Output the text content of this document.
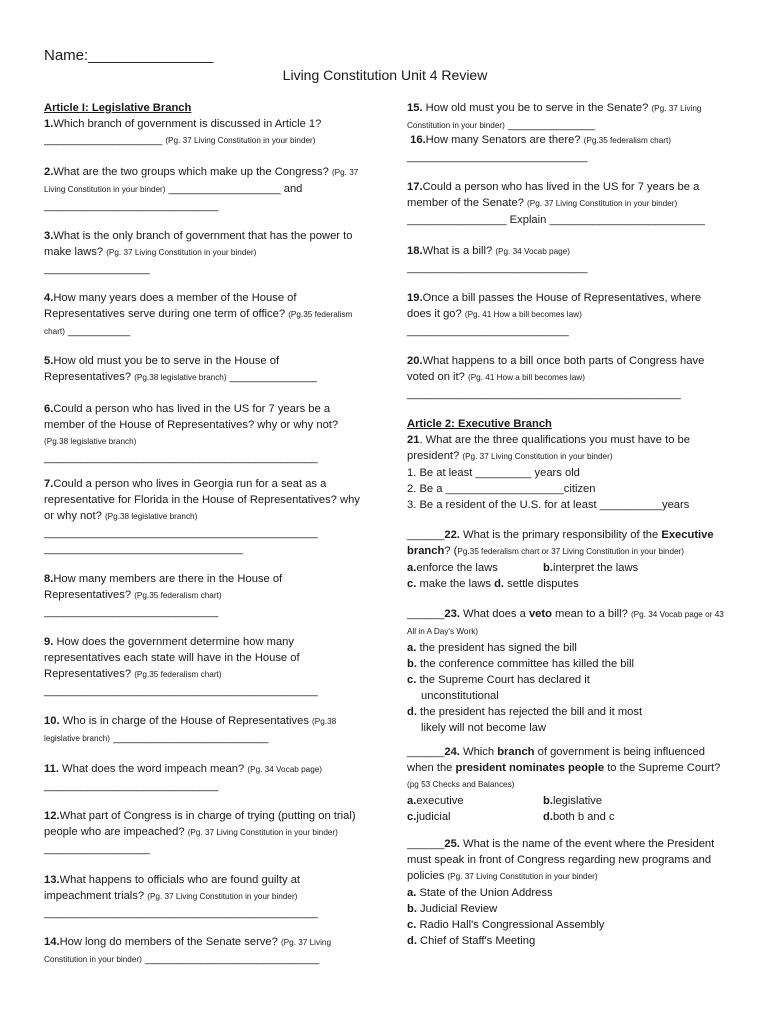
Name:_______________
Living Constitution Unit 4 Review
Article I: Legislative Branch
1.Which branch of government is discussed in Article 1?
___________________ (Pg. 37 Living Constitution in your binder)
2.What are the two groups which make up the Congress? (Pg. 37 Living Constitution in your binder) __________________ and
____________________________
3.What is the only branch of government that has the power to make laws? (Pg. 37 Living Constitution in your binder)
_________________
4.How many years does a member of the House of Representatives serve during one term of office? (Pg.35 federalism chart) __________
5.How old must you be to serve in the House of Representatives? (Pg.38 legislative branch) ______________
6.Could a person who has lived in the US for 7 years be a member of the House of Representatives? why or why not?
(Pg.38 legislative branch)
____________________________________________
7.Could a person who lives in Georgia run for a seat as a representative for Florida in the House of Representatives? why or why not? (Pg.38 legislative branch)
____________________________________________
________________________________
8.How many members are there in the House of Representatives? (Pg.35 federalism chart)
____________________________
9. How does the government determine how many representatives each state will have in the House of Representatives? (Pg.35 federalism chart)
____________________________________________
10. Who is in charge of the House of Representatives (Pg.38 legislative branch) _________________________
11. What does the word impeach mean? (Pg. 34 Vocab page)
____________________________
12.What part of Congress is in charge of trying (putting on trial) people who are impeached? (Pg. 37 Living Constitution in your binder) _________________
13.What happens to officials who are found guilty at impeachment trials? (Pg. 37 Living Constitution in your binder)
____________________________________________
14.How long do members of the Senate serve? (Pg. 37 Living Constitution in your binder) ____________________________
15. How old must you be to serve in the Senate? (Pg. 37 Living Constitution in your binder) ______________
16.How many Senators are there? (Pg.35 federalism chart)
_____________________________
17.Could a person who has lived in the US for 7 years be a member of the Senate? (Pg. 37 Living Constitution in your binder)
________________ Explain _________________________
18.What is a bill? (Pg. 34 Vocab page)
_____________________________
19.Once a bill passes the House of Representatives, where does it go? (Pg. 41 How a bill becomes law)
__________________________
20.What happens to a bill once both parts of Congress have voted on it? (Pg. 41 How a bill becomes law)
____________________________________________
Article 2: Executive Branch
21. What are the three qualifications you must have to be president? (Pg. 37 Living Constitution in your binder)
1. Be at least _________ years old
2. Be a ___________________citizen
3. Be a resident of the U.S. for at least __________years
______22. What is the primary responsibility of the Executive branch? (Pg.35 federalism chart or 37 Living Constitution in your binder)
a.enforce the laws	b.interpret the laws
c. make the laws d. settle disputes
______23. What does a veto mean to a bill? (Pg. 34 Vocab page or 43 All in A Day's Work)
a. the president has signed the bill
b. the conference committee has killed the bill
c. the Supreme Court has declared it
unconstitutional
d. the president has rejected the bill and it most
likely will not become law
______24. Which branch of government is being influenced when the president nominates people to the Supreme Court?
(pg 53 Checks and Balances)
a.executive	b.legislative
c.judicial	d.both b and c
______25. What is the name of the event where the President must speak in front of Congress regarding new programs and policies (Pg. 37 Living Constitution in your binder)
a. State of the Union Address
b. Judicial Review
c. Radio Hall's Congressional Assembly
d. Chief of Staff's Meeting
